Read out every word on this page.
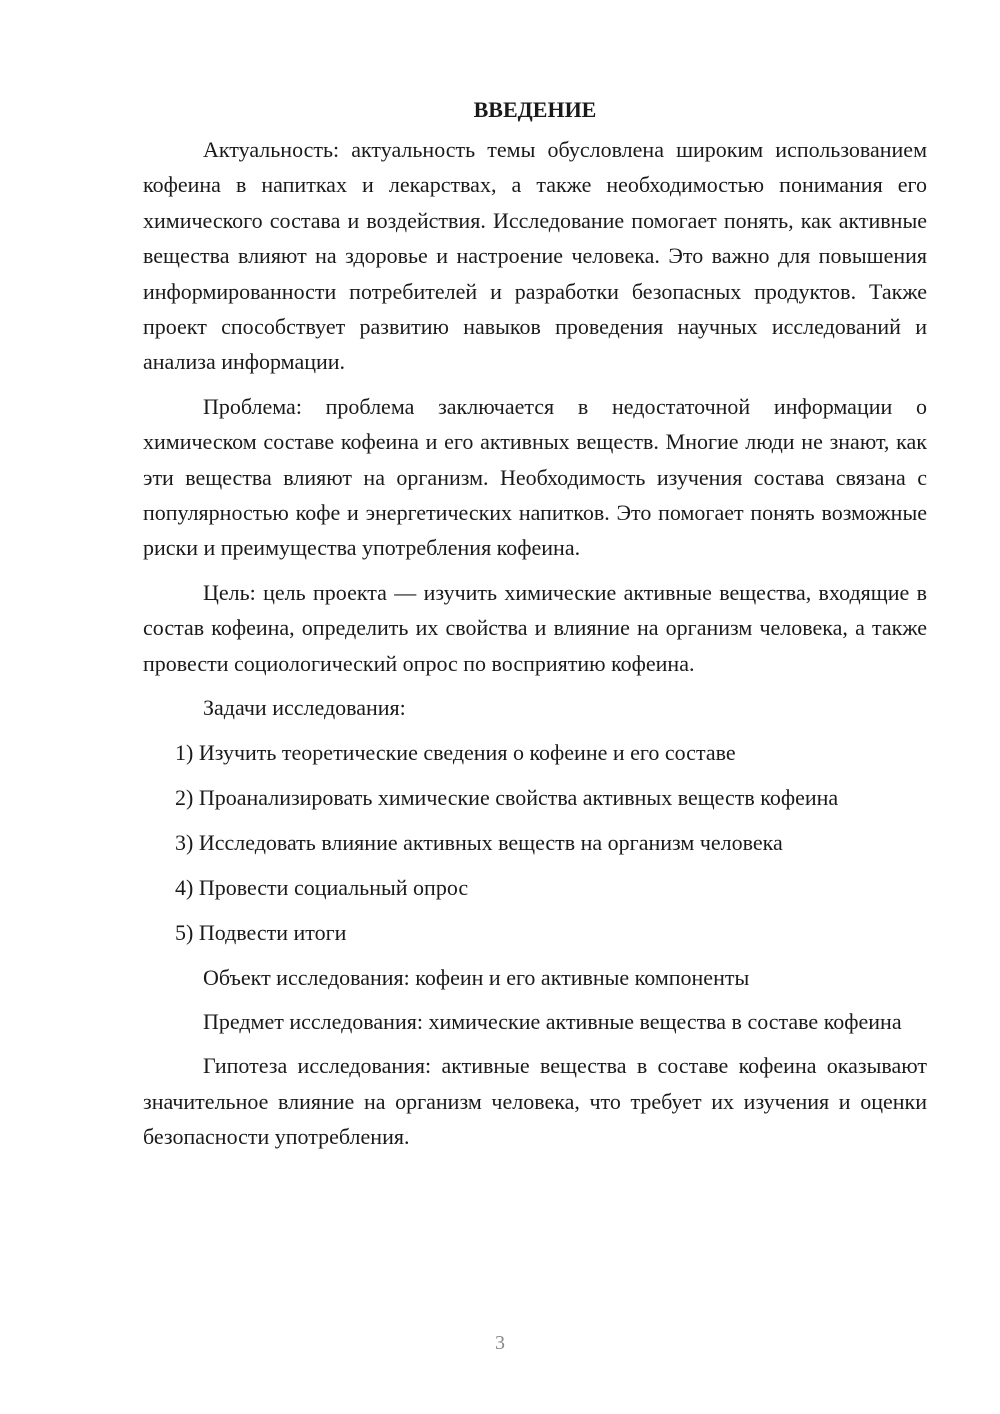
ВВЕДЕНИЕ

Актуальность: актуальность темы обусловлена широким использованием кофеина в напитках и лекарствах, а также необходимостью понимания его химического состава и воздействия. Исследование помогает понять, как активные вещества влияют на здоровье и настроение человека. Это важно для повышения информированности потребителей и разработки безопасных продуктов. Также проект способствует развитию навыков проведения научных исследований и анализа информации.

Проблема: проблема заключается в недостаточной информации о химическом составе кофеина и его активных веществ. Многие люди не знают, как эти вещества влияют на организм. Необходимость изучения состава связана с популярностью кофе и энергетических напитков. Это помогает понять возможные риски и преимущества употребления кофеина.

Цель: цель проекта — изучить химические активные вещества, входящие в состав кофеина, определить их свойства и влияние на организм человека, а также провести социологический опрос по восприятию кофеина.

Задачи исследования:

1) Изучить теоретические сведения о кофеине и его составе
2) Проанализировать химические свойства активных веществ кофеина
3) Исследовать влияние активных веществ на организм человека
4) Провести социальный опрос
5) Подвести итоги

Объект исследования: кофеин и его активные компоненты

Предмет исследования: химические активные вещества в составе кофеина

Гипотеза исследования: активные вещества в составе кофеина оказывают значительное влияние на организм человека, что требует их изучения и оценки безопасности употребления.

3
